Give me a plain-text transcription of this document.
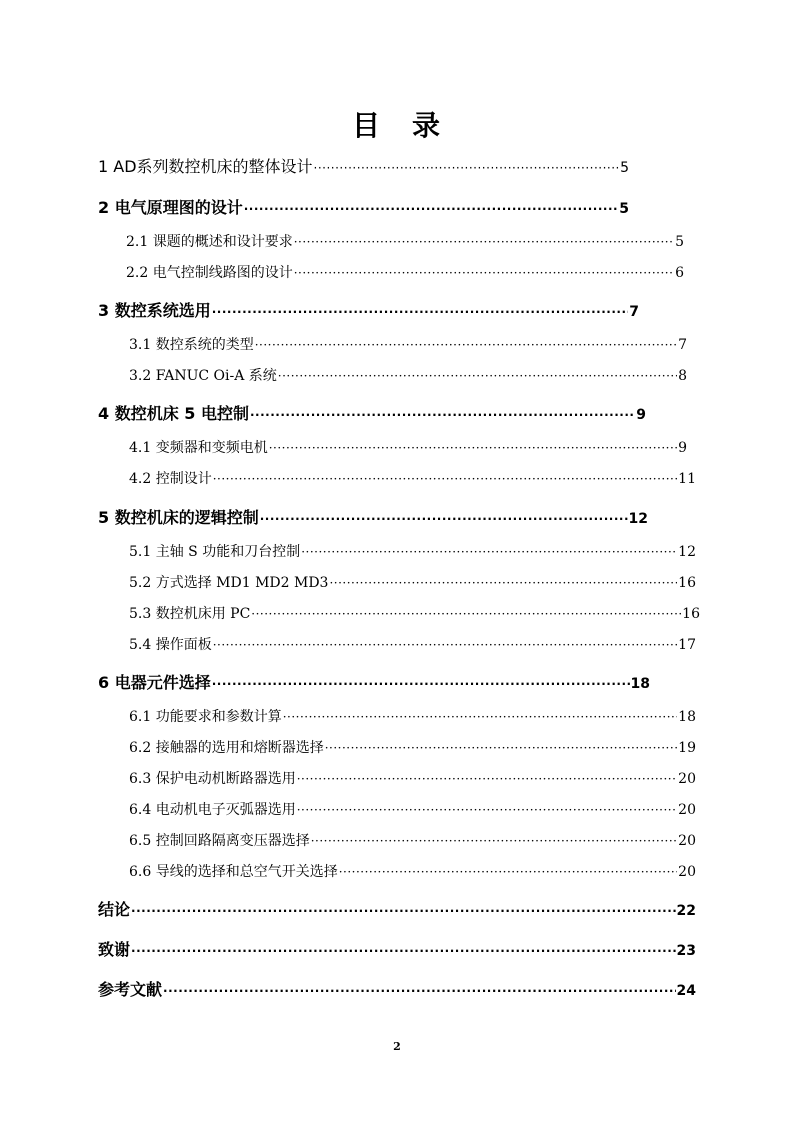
目　录
1 AD系列数控机床的整体设计 ·····	5
2 电气原理图的设计 ·····	5
2.1 课题的概述和设计要求 ·····	5
2.2 电气控制线路图的设计 ·····	6
3 数控系统选用 ·····	7
3.1 数控系统的类型 ·····	7
3.2 FANUC Oi-A 系统 ·····	8
4 数控机床 5 电控制 ·····	9
4.1 变频器和变频电机 ·····	9
4.2 控制设计 ·····	11
5 数控机床的逻辑控制 ·····	12
5.1 主轴 S 功能和刀台控制 ·····	12
5.2 方式选择 MD1 MD2 MD3 ·····	16
5.3 数控机床用 PC ·····	16
5.4 操作面板 ·····	17
6 电器元件选择 ·····	18
6.1 功能要求和参数计算 ·····	18
6.2 接触器的选用和熔断器选择 ·····	19
6.3 保护电动机断路器选用 ·····	20
6.4 电动机电子灭弧器选用 ·····	20
6.5 控制回路隔离变压器选择 ·····	20
6.6 导线的选择和总空气开关选择 ·····	20
结论 ·····	22
致谢 ·····	23
参考文献 ·····	24
2
